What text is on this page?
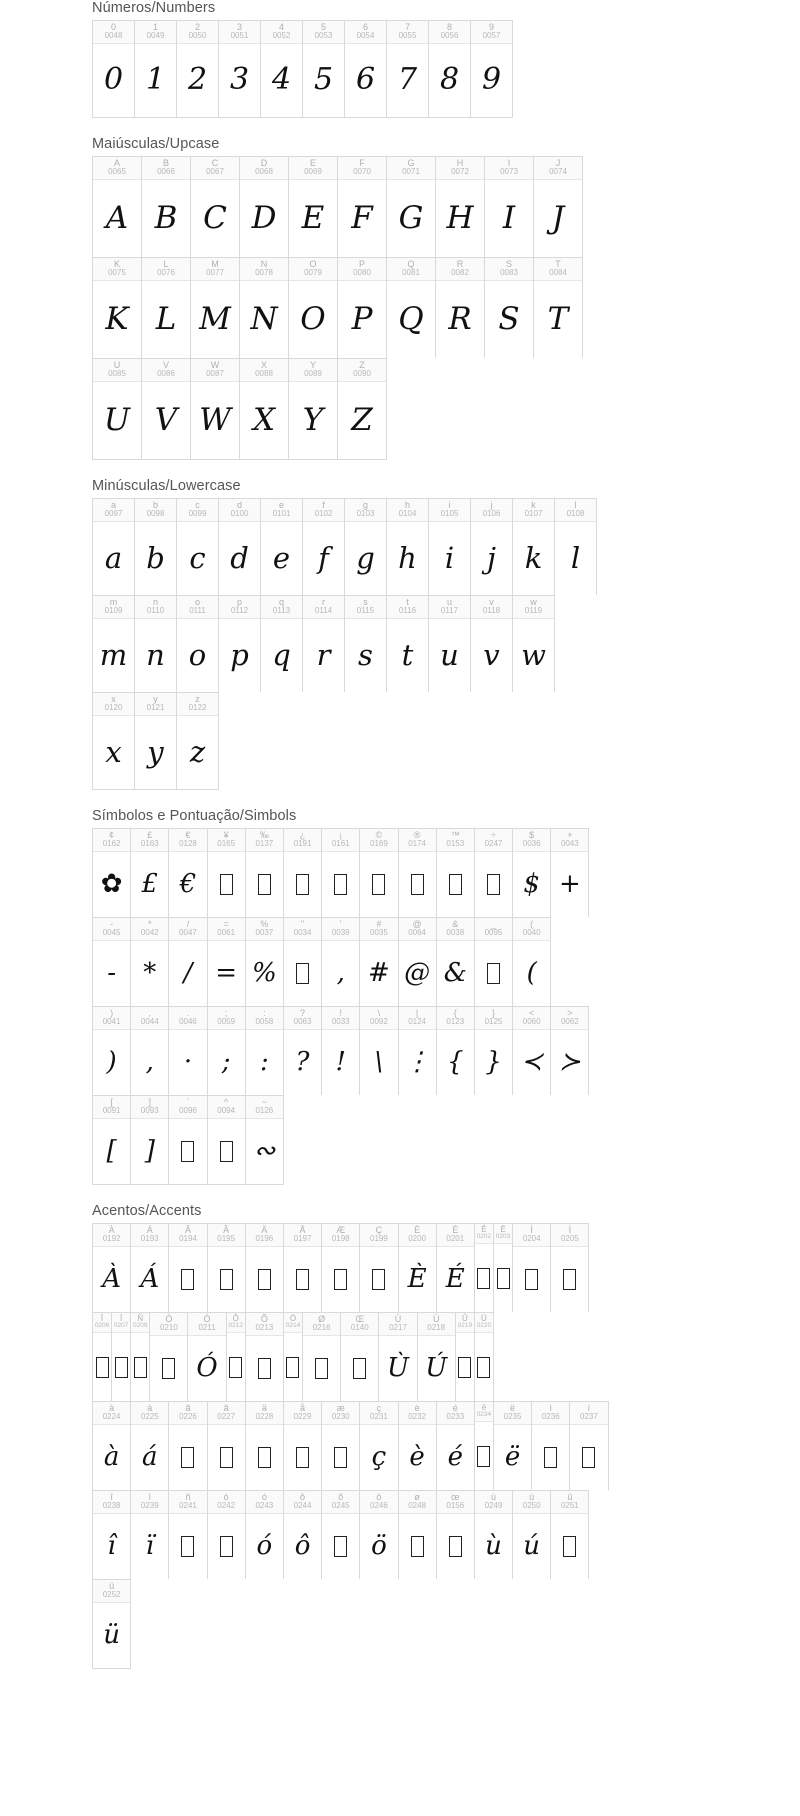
Números/Numbers
0
0048
0
1
0049
1
2
0050
2
3
0051
3
4
0052
4
5
0053
5
6
0054
6
7
0055
7
8
0056
8
9
0057
9
Maiúsculas/Upcase
A
0065
A
B
0066
B
C
0067
C
D
0068
D
E
0069
E
F
0070
F
G
0071
G
H
0072
H
I
0073
I
J
0074
J
K
0075
K
L
0076
L
M
0077
M
N
0078
N
O
0079
O
P
0080
P
Q
0081
Q
R
0082
R
S
0083
S
T
0084
T
U
0085
U
V
0086
V
W
0087
W
X
0088
X
Y
0089
Y
Z
0090
Z
Minúsculas/Lowercase
a
0097
a
b
0098
b
c
0099
c
d
0100
d
e
0101
e
f
0102
f
g
0103
g
h
0104
h
i
0105
i
j
0106
j
k
0107
k
l
0108
l
m
0109
m
n
0110
n
o
0111
o
p
0112
p
q
0113
q
r
0114
r
s
0115
s
t
0116
t
u
0117
u
v
0118
v
w
0119
w
x
0120
x
y
0121
y
z
0122
z
Símbolos e Pontuação/Simbols
¢
0162
✿
£
0163
£
€
0128
€
¥
0165
‰
0137
¿
0191
¡
0161
©
0169
®
0174
™
0153
÷
0247
$
0036
$
+
0043
+
-
0045
-
*
0042
*
/
0047
/
=
0061
=
%
0037
%
"
0034
'
0039
,
#
0035
#
@
0064
@
&
0038
&
_
0095
(
0040
(
)
0041
)
,
0044
,
.
0046
·
;
0059
;
:
0058
:
?
0063
?
!
0033
!
\
0092
\
|
0124
⋮
{
0123
{
}
0125
}
<
0060
≺
>
0062
≻
[
0091
[
]
0093
]
`
0096
^
0094
~
0126
∾
Acentos/Accents
À
0192
À
Á
0193
Á
Â
0194
Ã
0195
Ä
0196
Å
0197
Æ
0198
Ç
0199
È
0200
È
É
0201
É
Ê
0202
Ë
0203
Ì
0204
Í
0205
Î
0206
Ï
0207
Ñ
0209
Ò
0210
Ó
0211
Ó
Ô
0212
Õ
0213
Ö
0214
Ø
0216
Œ
0140
Ù
0217
Ù
Ú
0218
Ú
Û
0219
Ü
0220
à
0224
à
á
0225
á
ã
0226
ã
0227
ä
0228
å
0229
æ
0230
ç
0231
ç
è
0232
è
é
0233
é
ë
0234
ë
0235
ë
ì
0236
í
0237
î
0238
î
ï
0239
ï
ñ
0241
ò
0242
ó
0243
ó
ô
0244
ô
õ
0245
ö
0246
ö
ø
0248
œ
0156
ù
0249
ù
ú
0250
ú
û
0251
ü
0252
ü
